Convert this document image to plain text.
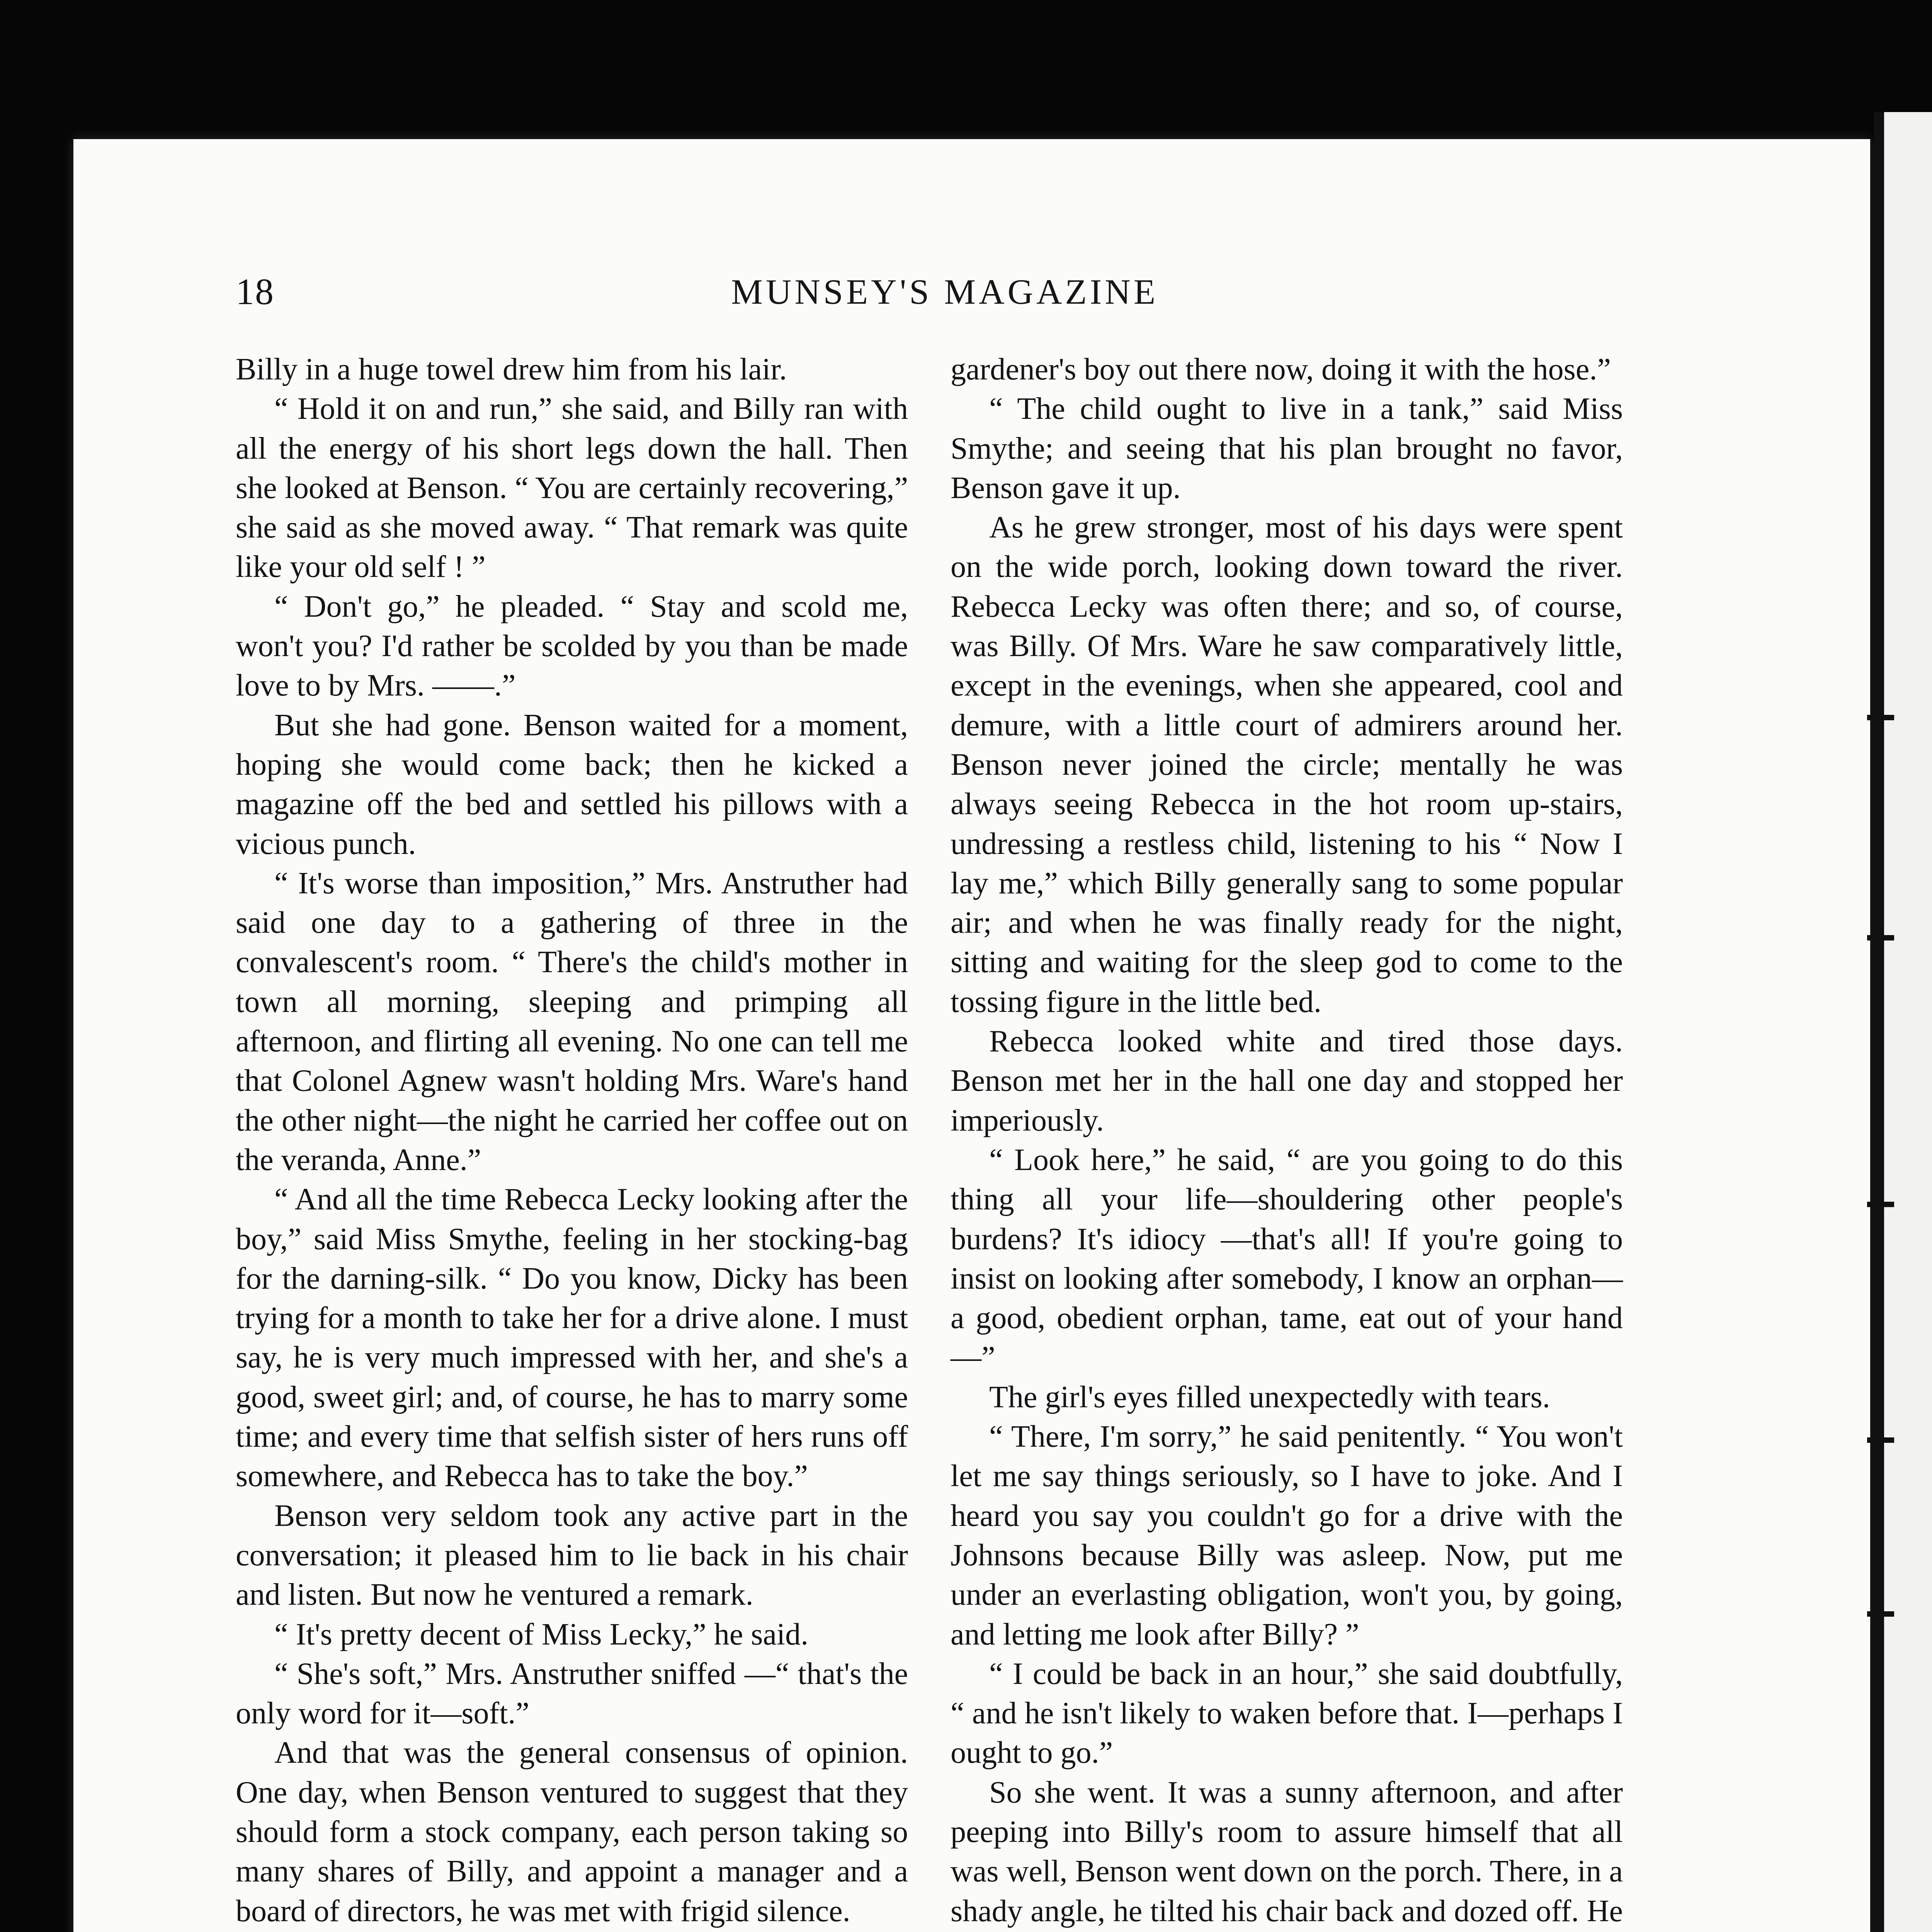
18	MUNSEY'S MAGAZINE

Billy in a huge towel drew him from his lair.

“ Hold it on and run,” she said, and Billy ran with all the energy of his short legs down the hall. Then she looked at Benson. “ You are certainly recovering,” she said as she moved away. “ That remark was quite like your old self ! ”

“ Don't go,” he pleaded. “ Stay and scold me, won't you? I'd rather be scolded by you than be made love to by Mrs. ——.”

But she had gone. Benson waited for a moment, hoping she would come back; then he kicked a magazine off the bed and settled his pillows with a vicious punch.

“ It's worse than imposition,” Mrs. Anstruther had said one day to a gathering of three in the convalescent's room. “ There's the child's mother in town all morning, sleeping and primping all afternoon, and flirting all evening. No one can tell me that Colonel Agnew wasn't holding Mrs. Ware's hand the other night—the night he carried her coffee out on the veranda, Anne.”

“ And all the time Rebecca Lecky looking after the boy,” said Miss Smythe, feeling in her stocking-bag for the darning-silk. “ Do you know, Dicky has been trying for a month to take her for a drive alone. I must say, he is very much impressed with her, and she's a good, sweet girl; and, of course, he has to marry some time; and every time that selfish sister of hers runs off somewhere, and Rebecca has to take the boy.”

Benson very seldom took any active part in the conversation; it pleased him to lie back in his chair and listen. But now he ventured a remark.

“ It's pretty decent of Miss Lecky,” he said.

“ She's soft,” Mrs. Anstruther sniffed —“ that's the only word for it—soft.”

And that was the general consensus of opinion. One day, when Benson ventured to suggest that they should form a stock company, each person taking so many shares of Billy, and appoint a manager and a board of directors, he was met with frigid silence.

gardener's boy out there now, doing it with the hose.”

“ The child ought to live in a tank,” said Miss Smythe; and seeing that his plan brought no favor, Benson gave it up.

As he grew stronger, most of his days were spent on the wide porch, looking down toward the river. Rebecca Lecky was often there; and so, of course, was Billy. Of Mrs. Ware he saw comparatively little, except in the evenings, when she appeared, cool and demure, with a little court of admirers around her. Benson never joined the circle; mentally he was always seeing Rebecca in the hot room up-stairs, undressing a restless child, listening to his “ Now I lay me,” which Billy generally sang to some popular air; and when he was finally ready for the night, sitting and waiting for the sleep god to come to the tossing figure in the little bed.

Rebecca looked white and tired those days. Benson met her in the hall one day and stopped her imperiously.

“ Look here,” he said, “ are you going to do this thing all your life—shouldering other people's burdens? It's idiocy —that's all! If you're going to insist on looking after somebody, I know an orphan—a good, obedient orphan, tame, eat out of your hand—”

The girl's eyes filled unexpectedly with tears.

“ There, I'm sorry,” he said penitently. “ You won't let me say things seriously, so I have to joke. And I heard you say you couldn't go for a drive with the Johnsons because Billy was asleep. Now, put me under an everlasting obligation, won't you, by going, and letting me look after Billy? ”

“ I could be back in an hour,” she said doubtfully, “ and he isn't likely to waken before that. I—perhaps I ought to go.”

So she went. It was a sunny afternoon, and after peeping into Billy's room to assure himself that all was well, Benson went down on the porch. There, in a shady angle, he tilted his chair back and dozed off. He
